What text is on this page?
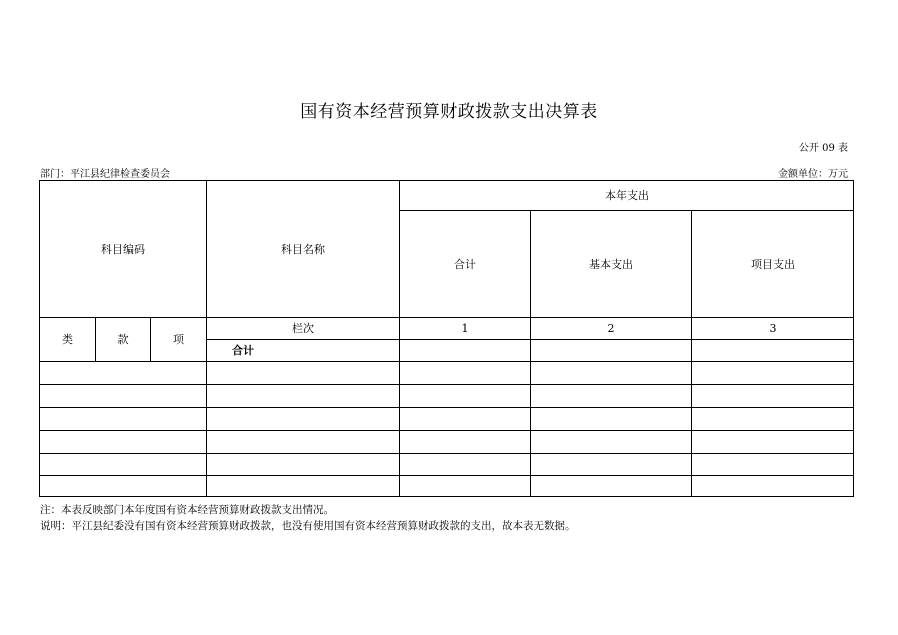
国有资本经营预算财政拨款支出决算表
公开 09 表
部门：平江县纪律检查委员会	金额单位：万元
科目编码	科目名称
本年支出
合计	基本支出	项目支出
类	款	项
栏次	1	2	3
合计
注：本表反映部门本年度国有资本经营预算财政拨款支出情况。
说明：平江县纪委没有国有资本经营预算财政拨款，也没有使用国有资本经营预算财政拨款的支出，故本表无数据。
